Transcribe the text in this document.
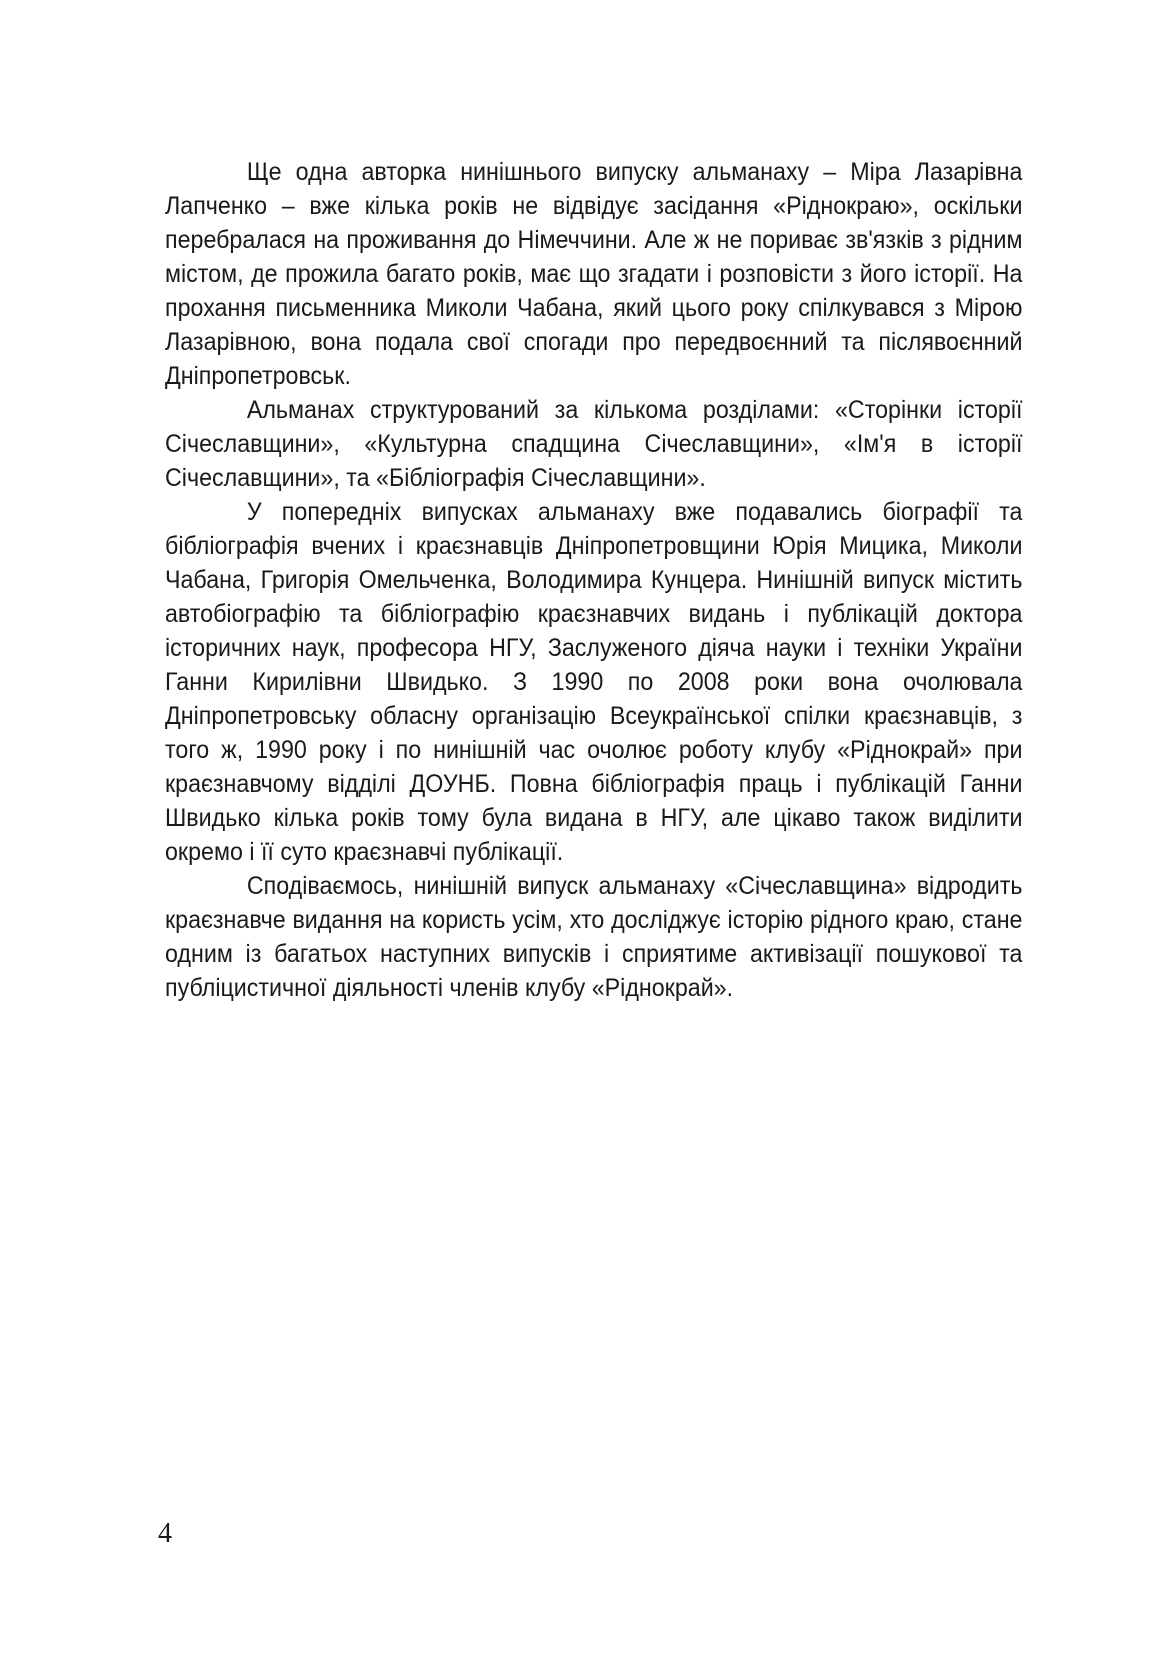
Ще одна авторка нинішнього випуску альманаху – Міра Лазарівна Лапченко – вже кілька років не відвідує засідання «Ріднокраю», оскільки перебралася на проживання до Німеччини. Але ж не пориває зв'язків з рідним містом, де прожила багато років, має що згадати і розповісти з його історії. На прохання письменника Миколи Чабана, який цього року спілкувався з Мірою Лазарівною, вона подала свої спогади про передвоєнний та післявоєнний Дніпропетровськ.

Альманах структурований за кількома розділами: «Сторінки історії Січеславщини», «Культурна спадщина Січеславщини», «Ім'я в історії Січеславщини», та «Бібліографія Січеславщини».

У попередніх випусках альманаху вже подавались біографії та бібліографія вчених і краєзнавців Дніпропетровщини Юрія Мицика, Миколи Чабана, Григорія Омельченка, Володимира Кунцера. Нинішній випуск містить автобіографію та бібліографію краєзнавчих видань і публікацій доктора історичних наук, професора НГУ, Заслуженого діяча науки і техніки України Ганни Кирилівни Швидько. З 1990 по 2008 роки вона очолювала Дніпропетровську обласну організацію Всеукраїнської спілки краєзнавців, з того ж, 1990 року і по нинішній час очолює роботу клубу «Ріднокрай» при краєзнавчому відділі ДОУНБ. Повна бібліографія праць і публікацій Ганни Швидько кілька років тому була видана в НГУ, але цікаво також виділити окремо і її суто краєзнавчі публікації.

Сподіваємось, нинішній випуск альманаху «Січеславщина» відродить краєзнавче видання на користь усім, хто досліджує історію рідного краю, стане одним із багатьох наступних випусків і сприятиме активізації пошукової та публіцистичної діяльності членів клубу «Ріднокрай».

4
